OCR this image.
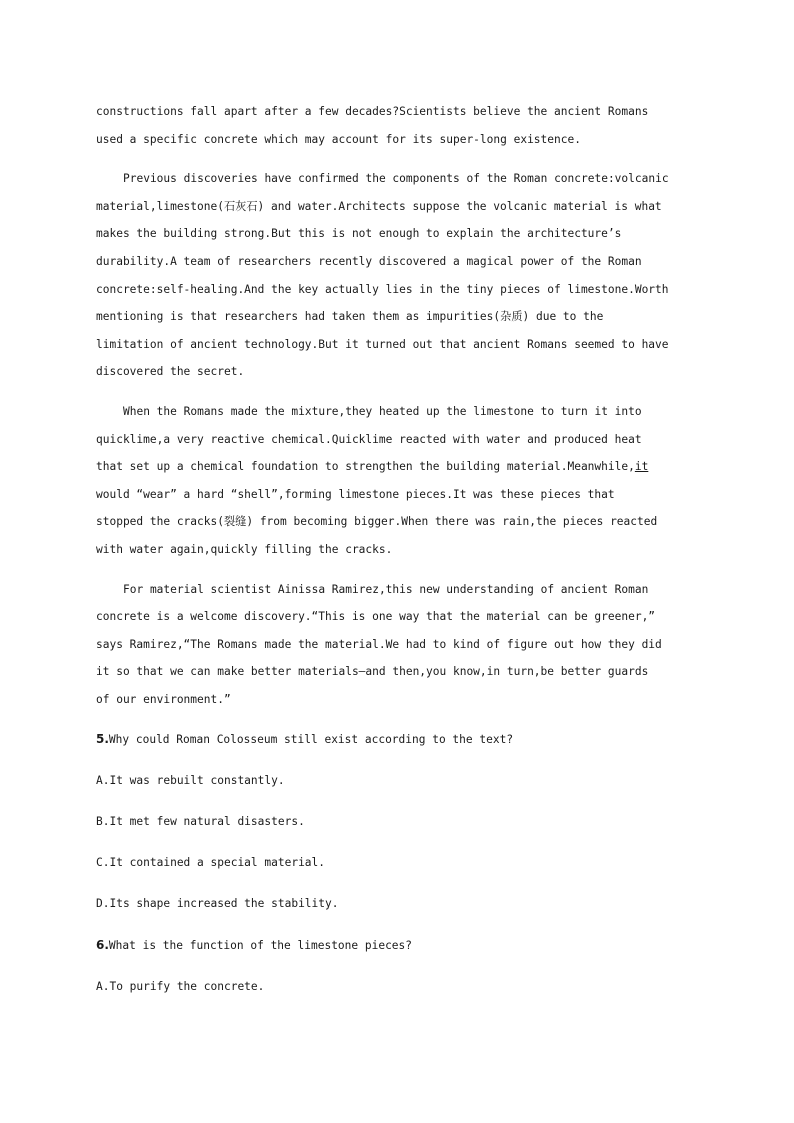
constructions fall apart after a few decades?Scientists believe the ancient Romans
used a specific concrete which may account for its super-long existence.

Previous discoveries have confirmed the components of the Roman concrete:volcanic
material,limestone(石灰石) and water.Architects suppose the volcanic material is what
makes the building strong.But this is not enough to explain the architecture’s
durability.A team of researchers recently discovered a magical power of the Roman
concrete:self-healing.And the key actually lies in the tiny pieces of limestone.Worth
mentioning is that researchers had taken them as impurities(杂质) due to the
limitation of ancient technology.But it turned out that ancient Romans seemed to have
discovered the secret.

When the Romans made the mixture,they heated up the limestone to turn it into
quicklime,a very reactive chemical.Quicklime reacted with water and produced heat
that set up a chemical foundation to strengthen the building material.Meanwhile,it
would “wear” a hard “shell”,forming limestone pieces.It was these pieces that
stopped the cracks(裂缝) from becoming bigger.When there was rain,the pieces reacted
with water again,quickly filling the cracks.

For material scientist Ainissa Ramirez,this new understanding of ancient Roman
concrete is a welcome discovery.“This is one way that the material can be greener,”
says Ramirez,“The Romans made the material.We had to kind of figure out how they did
it so that we can make better materials—and then,you know,in turn,be better guards
of our environment.”

5.Why could Roman Colosseum still exist according to the text?
A.It was rebuilt constantly.
B.It met few natural disasters.
C.It contained a special material.
D.Its shape increased the stability.
6.What is the function of the limestone pieces?
A.To purify the concrete.
